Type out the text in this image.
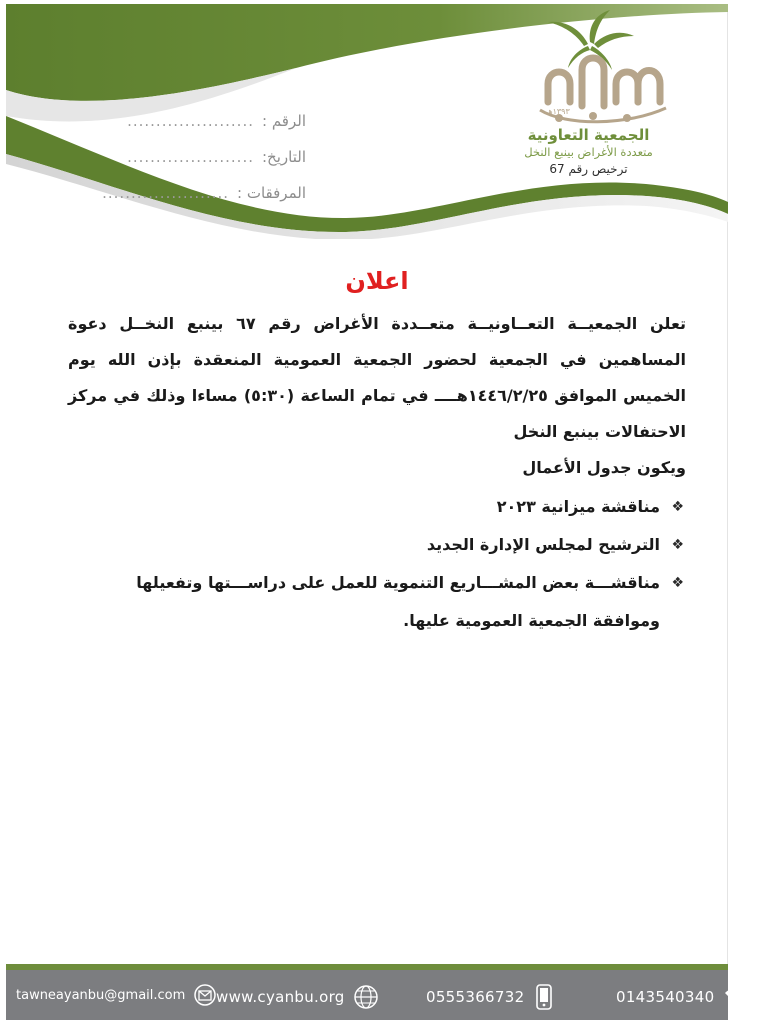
الرقم :
......................
التاريخ:
......................
المرفقات :
......................
١٣٩٣هـ
الجمعية التعاونية
متعددة الأغراض بينبع النخل
ترخيص رقم 67
اعلان

تعلن الجمعيــة التعــاونيــة متعــددة الأغراض رقم ٦٧ بينبع النخــل دعوة المساهمين في الجمعية لحضور الجمعية العمومية المنعقدة بإذن الله يوم الخميس الموافق ١٤٤٦/٢/٢٥هــــ في تمام الساعة (٥:٣٠) مساءا وذلك في مركز الاحتفالات بينبع النخل

ويكون جدول الأعمال
❖
مناقشة ميزانية ٢٠٢٣
❖
الترشيح لمجلس الإدارة الجديد
❖
مناقشـــة بعض المشـــاريع التنموية للعمل على دراســـتها وتفعيلها وموافقة الجمعية العمومية عليها.
tawneayanbu@gmail.com www.cyanbu.org	0555366732	0143540340
